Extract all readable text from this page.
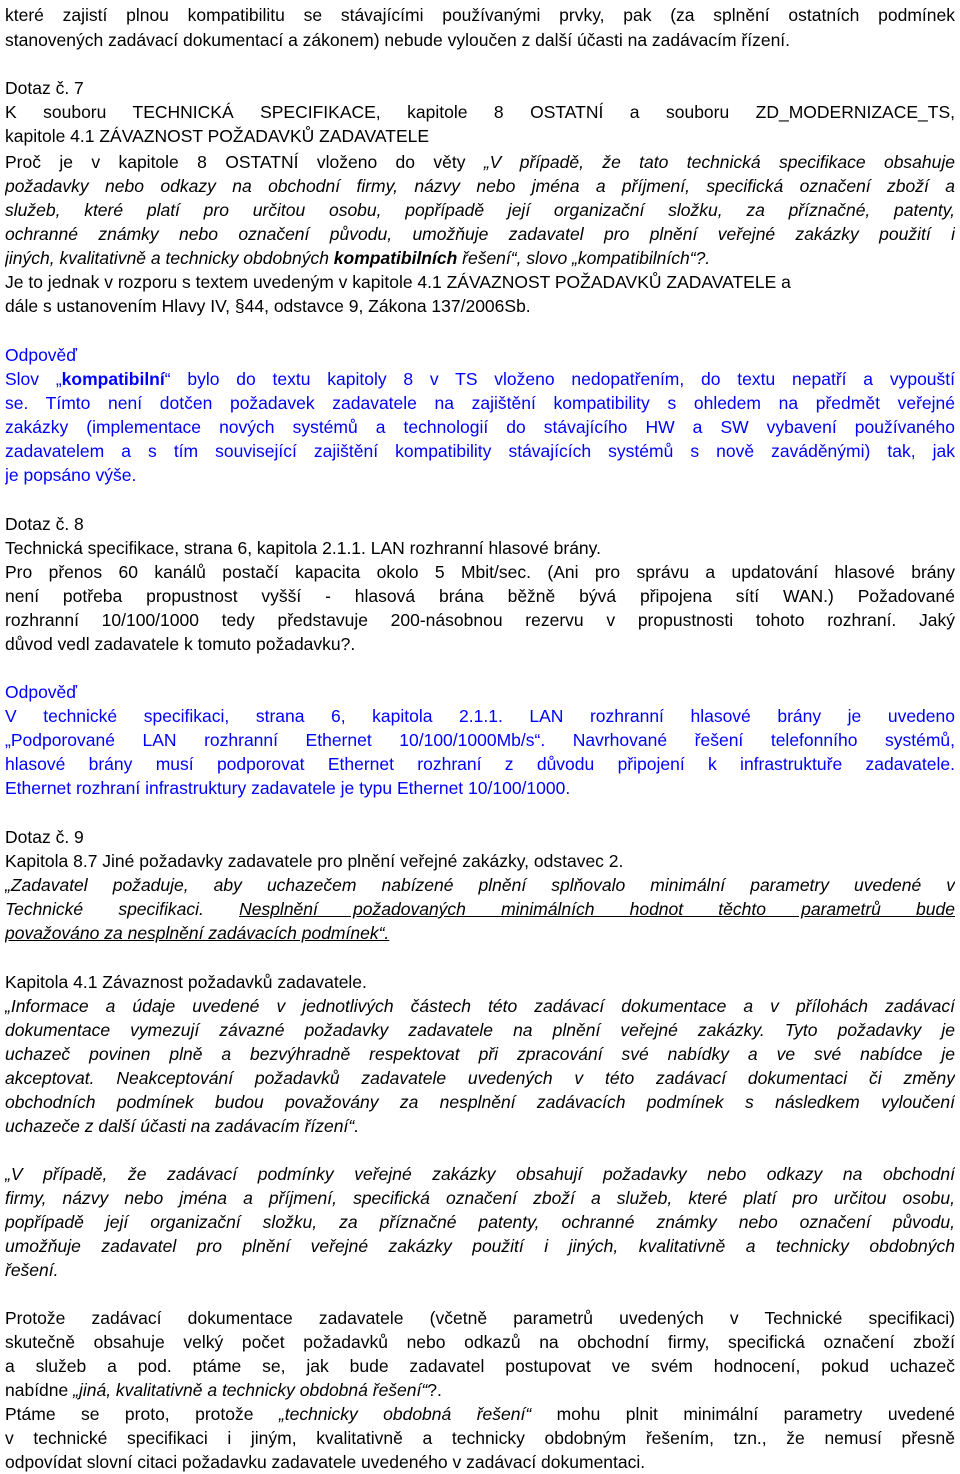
které zajistí plnou kompatibilitu se stávajícími používanými prvky, pak (za splnění ostatních podmínek
stanovených zadávací dokumentací a zákonem) nebude vyloučen z další účasti na zadávacím řízení.
Dotaz č. 7
K souboru TECHNICKÁ SPECIFIKACE, kapitole 8 OSTATNÍ a souboru ZD_MODERNIZACE_TS,
kapitole 4.1 ZÁVAZNOST POŽADAVKŮ ZADAVATELE
Proč je v kapitole 8 OSTATNÍ vloženo do věty „V případě, že tato technická specifikace obsahuje
požadavky nebo odkazy na obchodní firmy, názvy nebo jména a příjmení, specifická označení zboží a
služeb, které platí pro určitou osobu, popřípadě její organizační složku, za příznačné, patenty,
ochranné známky nebo označení původu, umožňuje zadavatel pro plnění veřejné zakázky použití i
jiných, kvalitativně a technicky obdobných kompatibilních řešení“, slovo „kompatibilních“?.
Je to jednak v rozporu s textem uvedeným v kapitole 4.1 ZÁVAZNOST POŽADAVKŮ ZADAVATELE a
dále s ustanovením Hlavy IV, §44, odstavce 9, Zákona 137/2006Sb.
Odpověď
Slov „kompatibilní“ bylo do textu kapitoly 8 v TS vloženo nedopatřením, do textu nepatří a vypouští
se. Tímto není dotčen požadavek zadavatele na zajištění kompatibility s ohledem na předmět veřejné
zakázky (implementace nových systémů a technologií do stávajícího HW a SW vybavení používaného
zadavatelem a s tím související zajištění kompatibility stávajících systémů s nově zaváděnými) tak, jak
je popsáno výše.
Dotaz č. 8
Technická specifikace, strana 6, kapitola 2.1.1. LAN rozhranní hlasové brány.
Pro přenos 60 kanálů postačí kapacita okolo 5 Mbit/sec. (Ani pro správu a updatování hlasové brány
není potřeba propustnost vyšší - hlasová brána běžně bývá připojena sítí WAN.) Požadované
rozhranní 10/100/1000 tedy představuje 200-násobnou rezervu v propustnosti tohoto rozhraní. Jaký
důvod vedl zadavatele k tomuto požadavku?.
Odpověď
V technické specifikaci, strana 6, kapitola 2.1.1. LAN rozhranní hlasové brány je uvedeno
„Podporované LAN rozhranní Ethernet 10/100/1000Mb/s“. Navrhované řešení telefonního systémů,
hlasové brány musí podporovat Ethernet rozhraní z důvodu připojení k infrastruktuře zadavatele.
Ethernet rozhraní infrastruktury zadavatele je typu Ethernet 10/100/1000.
Dotaz č. 9
Kapitola 8.7 Jiné požadavky zadavatele pro plnění veřejné zakázky, odstavec 2.
„Zadavatel požaduje, aby uchazečem nabízené plnění splňovalo minimální parametry uvedené v
Technické specifikaci. Nesplnění požadovaných minimálních hodnot těchto parametrů bude
považováno za nesplnění zadávacích podmínek“.
Kapitola 4.1 Závaznost požadavků zadavatele.
„Informace a údaje uvedené v jednotlivých částech této zadávací dokumentace a v přílohách zadávací
dokumentace vymezují závazné požadavky zadavatele na plnění veřejné zakázky. Tyto požadavky je
uchazeč povinen plně a bezvýhradně respektovat při zpracování své nabídky a ve své nabídce je
akceptovat. Neakceptování požadavků zadavatele uvedených v této zadávací dokumentaci či změny
obchodních podmínek budou považovány za nesplnění zadávacích podmínek s následkem vyloučení
uchazeče z další účasti na zadávacím řízení“.
„V případě, že zadávací podmínky veřejné zakázky obsahují požadavky nebo odkazy na obchodní
firmy, názvy nebo jména a příjmení, specifická označení zboží a služeb, které platí pro určitou osobu,
popřípadě její organizační složku, za příznačné patenty, ochranné známky nebo označení původu,
umožňuje zadavatel pro plnění veřejné zakázky použití i jiných, kvalitativně a technicky obdobných
řešení.
Protože zadávací dokumentace zadavatele (včetně parametrů uvedených v Technické specifikaci)
skutečně obsahuje velký počet požadavků nebo odkazů na obchodní firmy, specifická označení zboží
a služeb a pod. ptáme se, jak bude zadavatel postupovat ve svém hodnocení, pokud uchazeč
nabídne „jiná, kvalitativně a technicky obdobná řešení“?.
Ptáme se proto, protože „technicky obdobná řešení“ mohu plnit minimální parametry uvedené
v technické specifikaci i jiným, kvalitativně a technicky obdobným řešením, tzn., že nemusí přesně
odpovídat slovní citaci požadavku zadavatele uvedeného v zadávací dokumentaci.
